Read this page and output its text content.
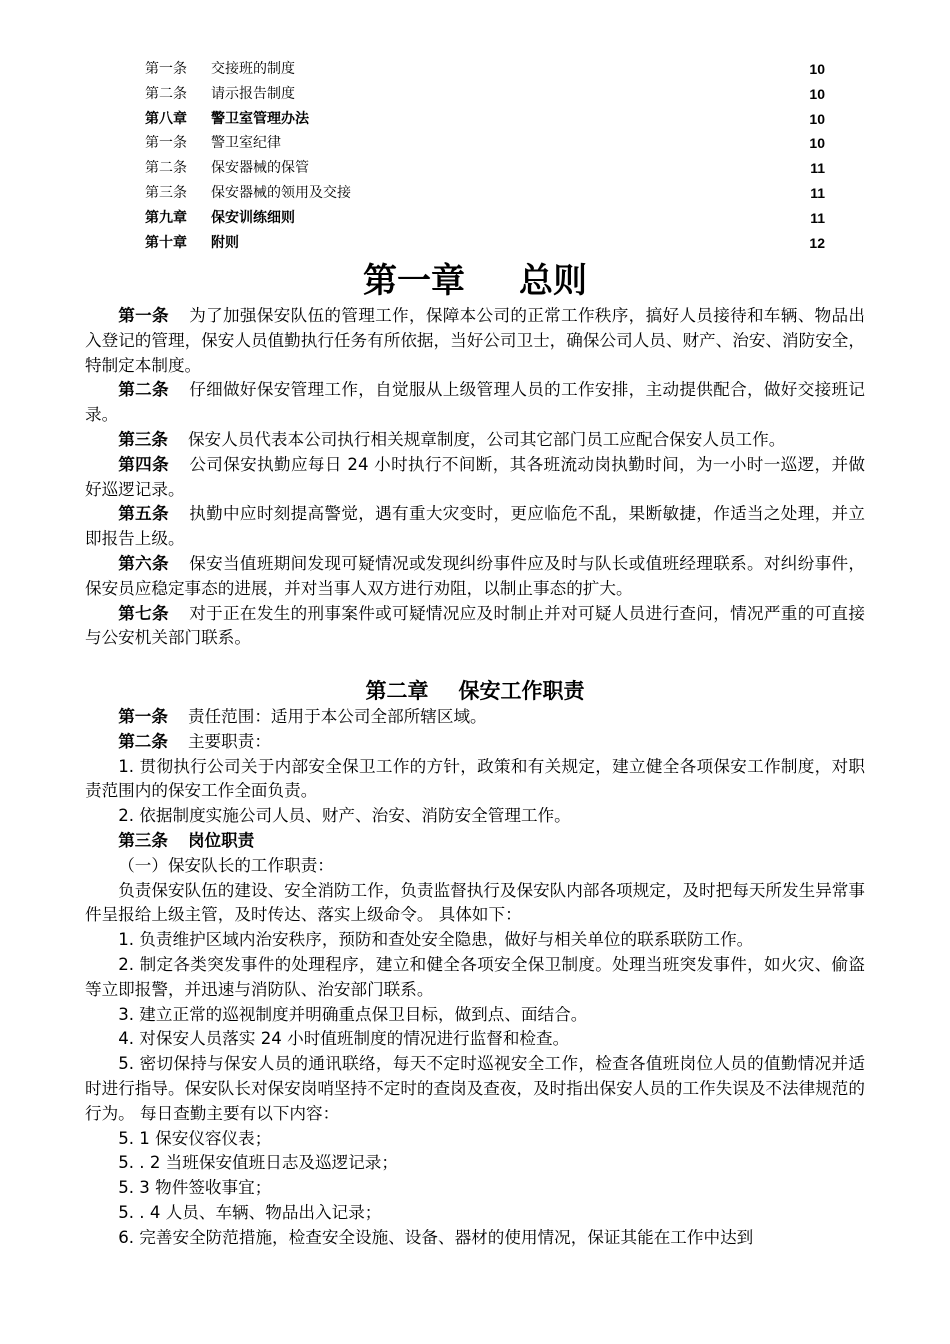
第一条 交接班的制度	10
第二条 请示报告制度	10
第八章 警卫室管理办法	10
第一条 警卫室纪律	10
第二条 保安器械的保管	11
第三条 保安器械的领用及交接	11
第九章 保安训练细则	11
第十章 附则	12
第一章 总则

第一条 为了加强保安队伍的管理工作，保障本公司的正常工作秩序，搞好人员接待和车辆、物品出入登记的管理，保安人员值勤执行任务有所依据，当好公司卫士，确保公司人员、财产、治安、消防安全，特制定本制度。

第二条 仔细做好保安管理工作，自觉服从上级管理人员的工作安排，主动提供配合，做好交接班记录。

第三条 保安人员代表本公司执行相关规章制度，公司其它部门员工应配合保安人员工作。

第四条 公司保安执勤应每日 24 小时执行不间断，其各班流动岗执勤时间，为一小时一巡逻，并做好巡逻记录。

第五条 执勤中应时刻提高警觉，遇有重大灾变时，更应临危不乱，果断敏捷，作适当之处理，并立即报告上级。

第六条 保安当值班期间发现可疑情况或发现纠纷事件应及时与队长或值班经理联系。对纠纷事件，保安员应稳定事态的进展，并对当事人双方进行劝阻，以制止事态的扩大。

第七条 对于正在发生的刑事案件或可疑情况应及时制止并对可疑人员进行查问，情况严重的可直接与公安机关部门联系。

第二章 保安工作职责

第一条 责任范围：适用于本公司全部所辖区域。

第二条 主要职责：

1. 贯彻执行公司关于内部安全保卫工作的方针，政策和有关规定，建立健全各项保安工作制度，对职责范围内的保安工作全面负责。

2. 依据制度实施公司人员、财产、治安、消防安全管理工作。

第三条 岗位职责

（一）保安队长的工作职责：

负责保安队伍的建设、安全消防工作，负责监督执行及保安队内部各项规定，及时把每天所发生异常事件呈报给上级主管，及时传达、落实上级命令。 具体如下：

1. 负责维护区域内治安秩序，预防和查处安全隐患，做好与相关单位的联系联防工作。

2. 制定各类突发事件的处理程序，建立和健全各项安全保卫制度。处理当班突发事件，如火灾、偷盗等立即报警，并迅速与消防队、治安部门联系。

3. 建立正常的巡视制度并明确重点保卫目标，做到点、面结合。

4. 对保安人员落实 24 小时值班制度的情况进行监督和检查。

5. 密切保持与保安人员的通讯联络，每天不定时巡视安全工作，检查各值班岗位人员的值勤情况并适时进行指导。保安队长对保安岗哨坚持不定时的查岗及查夜，及时指出保安人员的工作失误及不法律规范的行为。 每日查勤主要有以下内容：

5. 1 保安仪容仪表；

5. . 2 当班保安值班日志及巡逻记录；

5. 3 物件签收事宜；

5. . 4 人员、车辆、物品出入记录；

6. 完善安全防范措施，检查安全设施、设备、器材的使用情况，保证其能在工作中达到
